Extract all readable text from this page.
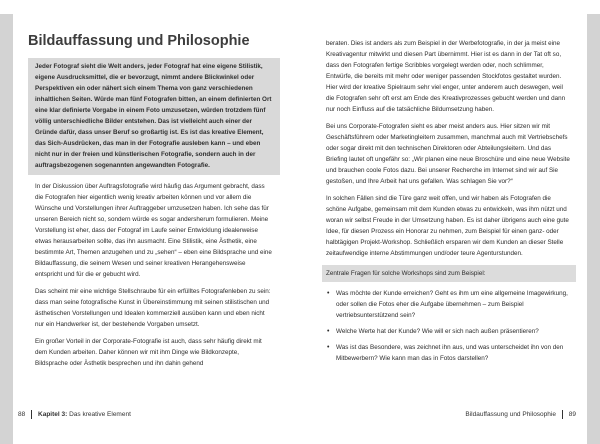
Bildauffassung und Philosophie
Jeder Fotograf sieht die Welt anders, jeder Fotograf hat eine eigene Stilistik, eigene Ausdrucksmittel, die er bevorzugt, nimmt andere Blickwinkel oder Perspektiven ein oder nähert sich einem Thema von ganz verschiedenen inhaltlichen Seiten. Würde man fünf Fotografen bitten, an einem definierten Ort eine klar definierte Vorgabe in einem Foto umzusetzen, würden trotzdem fünf völlig unterschiedliche Bilder entstehen. Das ist vielleicht auch einer der Gründe dafür, dass unser Beruf so großartig ist. Es ist das kreative Element, das Sich-Ausdrücken, das man in der Fotografie ausleben kann – und eben nicht nur in der freien und künstlerischen Fotografie, sondern auch in der auftragsbezogenen sogenannten angewandten Fotografie.

In der Diskussion über Auftragsfotografie wird häufig das Argument gebracht, dass die Fotografen hier eigentlich wenig kreativ arbeiten können und vor allem die Wünsche und Vorstellungen ihrer Auftraggeber umzusetzen haben. Ich sehe das für unseren Bereich nicht so, sondern würde es sogar andersherum formulieren. Meine Vorstellung ist eher, dass der Fotograf im Laufe seiner Entwicklung idealerweise etwas herausarbeiten sollte, das ihn ausmacht. Eine Stilistik, eine Ästhetik, eine bestimmte Art, Themen anzugehen und zu „sehen“ – eben eine Bildsprache und eine Bildauffassung, die seinem Wesen und seiner kreativen Herangehensweise entspricht und für die er gebucht wird.

Das scheint mir eine wichtige Stellschraube für ein erfülltes Fotografenleben zu sein: dass man seine fotografische Kunst in Übereinstimmung mit seinen stilistischen und ästhetischen Vorstellungen und Idealen kommerziell ausüben kann und eben nicht nur ein Handwerker ist, der bestehende Vorgaben umsetzt.

Ein großer Vorteil in der Corporate-Fotografie ist auch, dass sehr häufig direkt mit dem Kunden arbeiten. Daher können wir mit ihm Dinge wie Bildkonzepte, Bildsprache oder Ästhetik besprechen und ihn dahin gehend

88 Kapitel 3: Das kreative Element

beraten. Dies ist anders als zum Beispiel in der Werbefotografie, in der ja meist eine Kreativagentur mitwirkt und diesen Part übernimmt. Hier ist es dann in der Tat oft so, dass den Fotografen fertige Scribbles vorgelegt werden oder, noch schlimmer, Entwürfe, die bereits mit mehr oder weniger passenden Stockfotos gestaltet wurden. Hier wird der kreative Spielraum sehr viel enger, unter anderem auch deswegen, weil die Fotografen sehr oft erst am Ende des Kreativprozesses gebucht werden und dann nur noch Einfluss auf die tatsächliche Bildumsetzung haben.

Bei uns Corporate-Fotografen sieht es aber meist anders aus. Hier sitzen wir mit Geschäftsführern oder Marketingleitern zusammen, manchmal auch mit Vertriebschefs oder sogar direkt mit den technischen Direktoren oder Abteilungsleitern. Und das Briefing lautet oft ungefähr so: „Wir planen eine neue Broschüre und eine neue Website und brauchen coole Fotos dazu. Bei unserer Recherche im Internet sind wir auf Sie gestoßen, und Ihre Arbeit hat uns gefallen. Was schlagen Sie vor?“

In solchen Fällen sind die Türe ganz weit offen, und wir haben als Fotografen die schöne Aufgabe, gemeinsam mit dem Kunden etwas zu entwickeln, was ihm nützt und woran wir selbst Freude in der Umsetzung haben. Es ist daher übrigens auch eine gute Idee, für diesen Prozess ein Honorar zu nehmen, zum Beispiel für einen ganz- oder halbtägigen Projekt-Workshop. Schließlich ersparen wir dem Kunden an dieser Stelle zeitaufwendige interne Abstimmungen und/oder teure Agenturstunden.

Zentrale Fragen für solche Workshops sind zum Beispiel:

• Was möchte der Kunde erreichen? Geht es ihm um eine allgemeine Imagewirkung, oder sollen die Fotos eher die Aufgabe übernehmen – zum Beispiel vertriebsunterstützend sein?
• Welche Werte hat der Kunde? Wie will er sich nach außen präsentieren?
• Was ist das Besondere, was zeichnet ihn aus, und was unterscheidet ihn von den Mitbewerbern? Wie kann man das in Fotos darstellen?
Bildauffassung und Philosophie 89
